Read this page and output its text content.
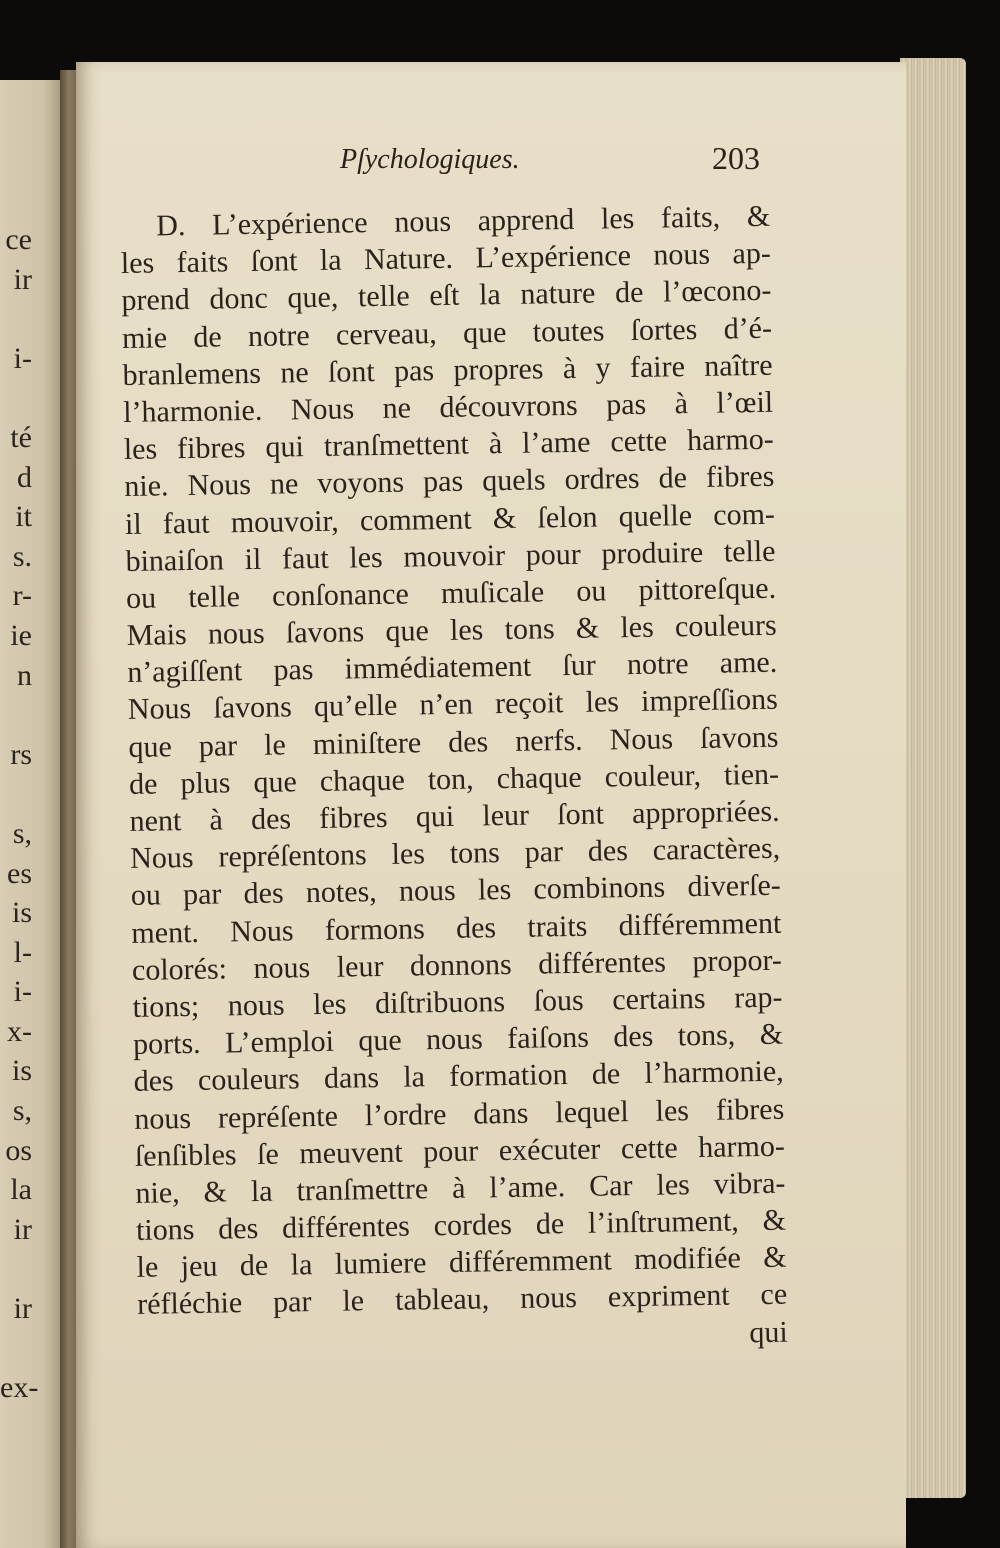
ce
ir
i-
té
d
it
s.
r-
ie
n
rs
s,
es
is
l-
i-
x-
is
s,
os
la
ir
ir
ex-
Pſychologiques.	203
D. L’expérience nous apprend les faits, &
les faits ſont la Nature. L’expérience nous ap-
prend donc que, telle eſt la nature de l’œcono-
mie de notre cerveau, que toutes ſortes d’é-
branlemens ne ſont pas propres à y faire naître
l’harmonie. Nous ne découvrons pas à l’œil
les fibres qui tranſmettent à l’ame cette harmo-
nie. Nous ne voyons pas quels ordres de fibres
il faut mouvoir, comment & ſelon quelle com-
binaiſon il faut les mouvoir pour produire telle
ou telle conſonance muſicale ou pittoreſque.
Mais nous ſavons que les tons & les couleurs
n’agiſſent pas immédiatement ſur notre ame.
Nous ſavons qu’elle n’en reçoit les impreſſions
que par le miniſtere des nerfs. Nous ſavons
de plus que chaque ton, chaque couleur, tien-
nent à des fibres qui leur ſont appropriées.
Nous repréſentons les tons par des caractères,
ou par des notes, nous les combinons diverſe-
ment. Nous formons des traits différemment
colorés: nous leur donnons différentes propor-
tions; nous les diſtribuons ſous certains rap-
ports. L’emploi que nous faiſons des tons, &
des couleurs dans la formation de l’harmonie,
nous repréſente l’ordre dans lequel les fibres
ſenſibles ſe meuvent pour exécuter cette harmo-
nie, & la tranſmettre à l’ame. Car les vibra-
tions des différentes cordes de l’inſtrument, &
le jeu de la lumiere différemment modifiée &
réfléchie par le tableau, nous expriment ce
qui
